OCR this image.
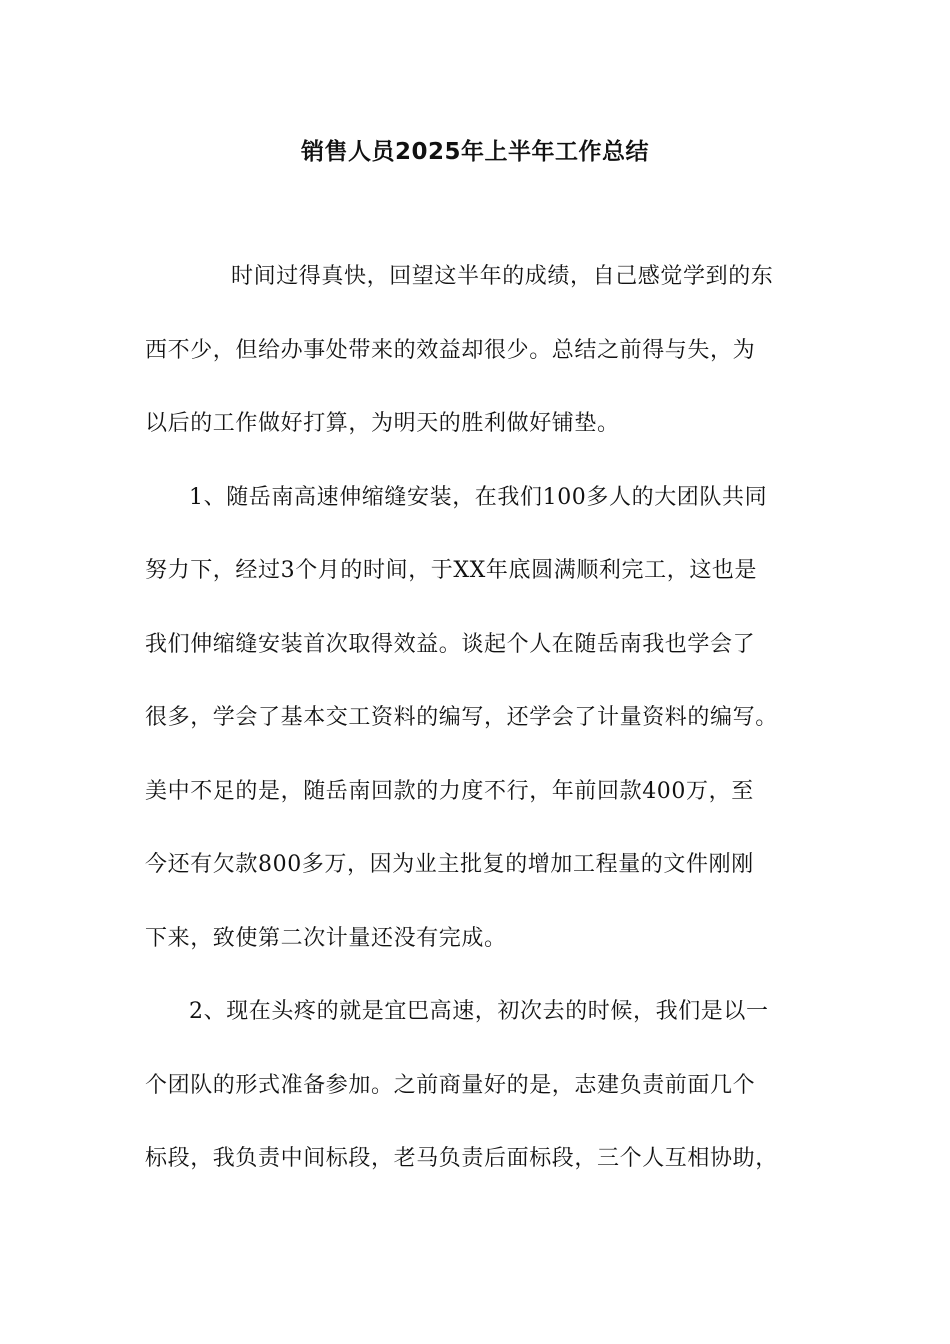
销售人员2025年上半年工作总结
时间过得真快，回望这半年的成绩，自己感觉学到的东
西不少，但给办事处带来的效益却很少。总结之前得与失，为
以后的工作做好打算，为明天的胜利做好铺垫。
1、随岳南高速伸缩缝安装，在我们100多人的大团队共同
努力下，经过3个月的时间，于XX年底圆满顺利完工，这也是
我们伸缩缝安装首次取得效益。谈起个人在随岳南我也学会了
很多，学会了基本交工资料的编写，还学会了计量资料的编写。
美中不足的是，随岳南回款的力度不行，年前回款400万，至
今还有欠款800多万，因为业主批复的增加工程量的文件刚刚
下来，致使第二次计量还没有完成。
2、现在头疼的就是宜巴高速，初次去的时候，我们是以一
个团队的形式准备参加。之前商量好的是，志建负责前面几个
标段，我负责中间标段，老马负责后面标段，三个人互相协助，
